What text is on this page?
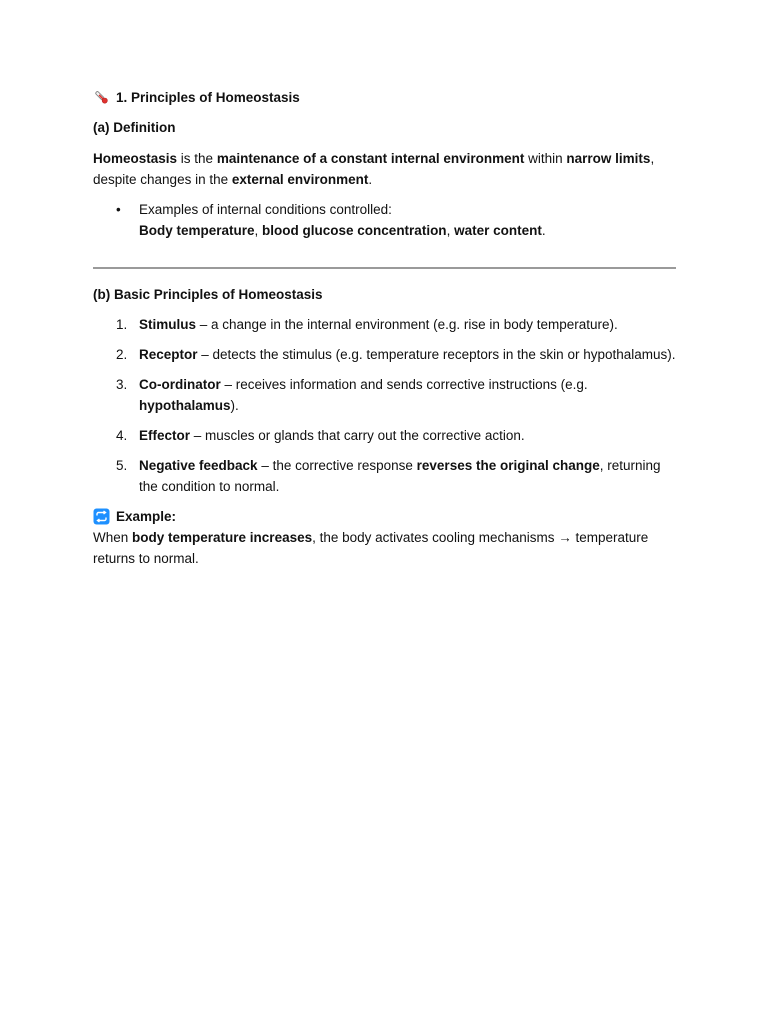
1. Principles of Homeostasis

(a) Definition

Homeostasis is the maintenance of a constant internal environment within narrow limits, despite changes in the external environment.

• Examples of internal conditions controlled:
Body temperature, blood glucose concentration, water content.

(b) Basic Principles of Homeostasis

1. Stimulus – a change in the internal environment (e.g. rise in body temperature).
2. Receptor – detects the stimulus (e.g. temperature receptors in the skin or hypothalamus).
3. Co-ordinator – receives information and sends corrective instructions (e.g. hypothalamus).
4. Effector – muscles or glands that carry out the corrective action.
5. Negative feedback – the corrective response reverses the original change, returning the condition to normal.

Example:

When body temperature increases, the body activates cooling mechanisms → temperature returns to normal.
